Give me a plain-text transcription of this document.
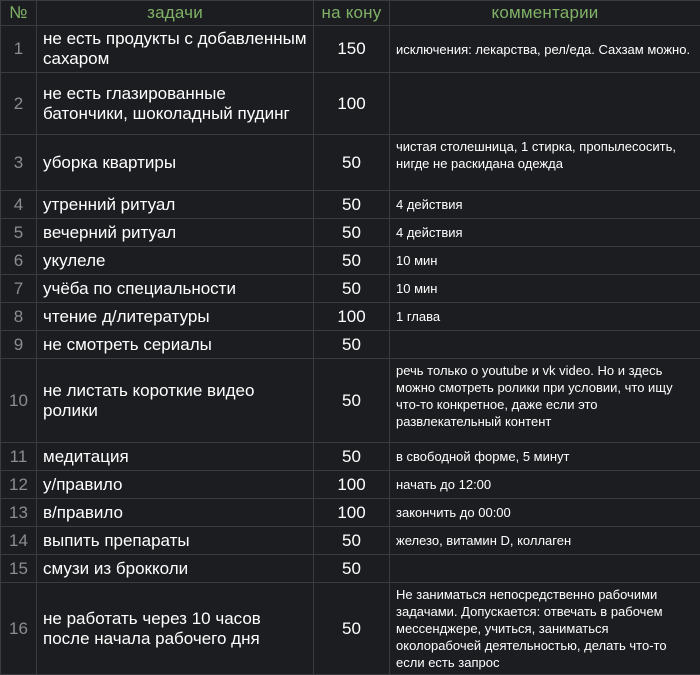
№	задачи	на кону	комментарии
1	не есть продукты с добавленным сахаром	150	исключения: лекарства, рел/еда. Сахзам можно.
2	не есть глазированные батончики, шоколадный пудинг	100	
3	уборка квартиры	50	чистая столешница, 1 стирка, пропылесосить, нигде не раскидана одежда
4	утренний ритуал	50	4 действия
5	вечерний ритуал	50	4 действия
6	укулеле	50	10 мин
7	учёба по специальности	50	10 мин
8	чтение д/литературы	100	1 глава
9	не смотреть сериалы	50	
10	не листать короткие видео ролики	50	речь только о youtube и vk video. Но и здесь можно смотреть ролики при условии, что ищу что-то конкретное, даже если это развлекательный контент
11	медитация	50	в свободной форме, 5 минут
12	у/правило	100	начать до 12:00
13	в/правило	100	закончить до 00:00
14	выпить препараты	50	железо, витамин D, коллаген
15	смузи из брокколи	50	
16	не работать через 10 часов после начала рабочего дня	50	Не заниматься непосредственно рабочими задачами. Допускается: отвечать в рабочем мессенджере, учиться, заниматься околорабочей деятельностью, делать что-то если есть запрос
